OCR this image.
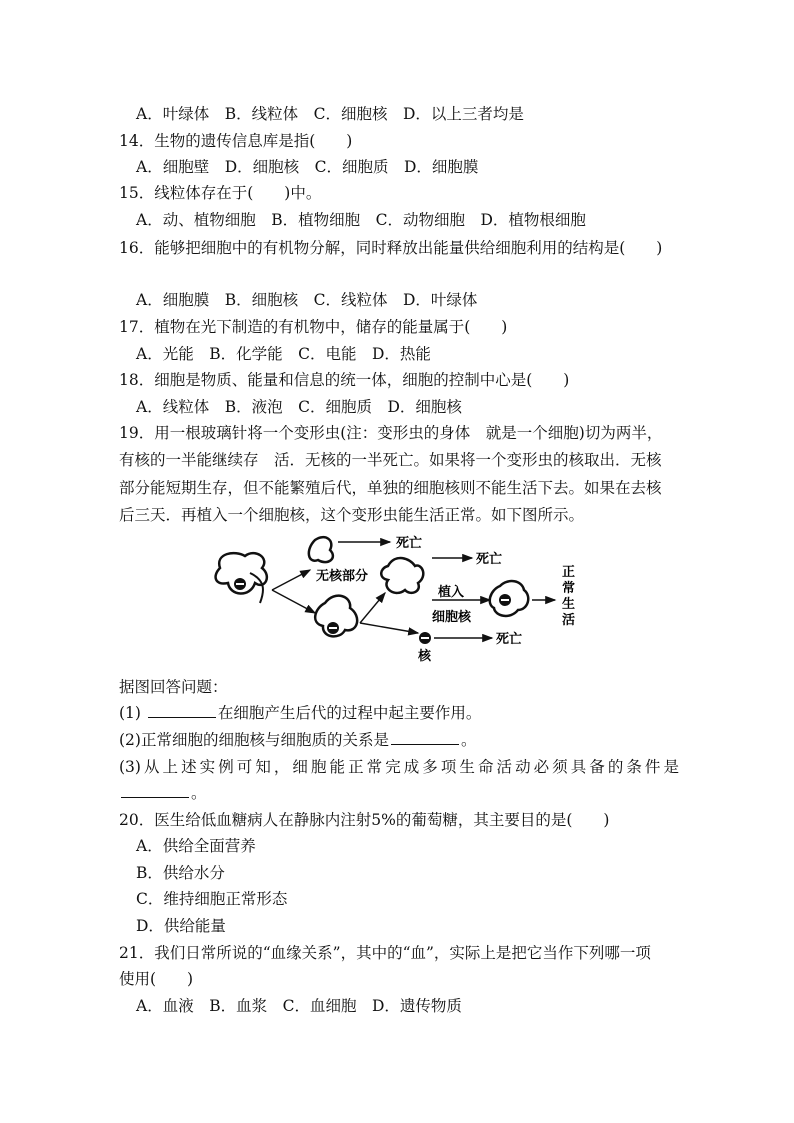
A．叶绿体　B．线粒体　C．细胞核　D．以上三者均是
14．生物的遗传信息库是指(　　)
A．细胞壁　D．细胞核　C．细胞质　D．细胞膜
15．线粒体存在于(　　)中。
A．动、植物细胞　B．植物细胞　C．动物细胞　D．植物根细胞
16．能够把细胞中的有机物分解，同时释放出能量供给细胞利用的结构是(　　)
A．细胞膜　B．细胞核　C．线粒体　D．叶绿体
17．植物在光下制造的有机物中，储存的能量属于(　　)
A．光能　B．化学能　C．电能　D．热能
18．细胞是物质、能量和信息的统一体，细胞的控制中心是(　　)
A．线粒体　B．液泡　C．细胞质　D．细胞核
19．用一根玻璃针将一个变形虫(注：变形虫的身体　就是一个细胞)切为两半，
有核的一半能继续存　活．无核的一半死亡。如果将一个变形虫的核取出．无核
部分能短期生存，但不能繁殖后代，单独的细胞核则不能生活下去。如果在去核
后三天．再植入一个细胞核，这个变形虫能生活正常。如下图所示。
死亡
死亡
死亡
无核部分
植入
细胞核
核
正
常
生
活
据图回答问题：
(1)	在细胞产生后代的过程中起主要作用。
(2)正常细胞的细胞核与细胞质的关系是	。
(3)从上述实例可知，细胞能正常完成多项生命活动必须具备的条件是
。
20．医生给低血糖病人在静脉内注射5%的葡萄糖，其主要目的是(　　)
A．供给全面营养
B．供给水分
C．维持细胞正常形态
D．供给能量
21．我们日常所说的“血缘关系”，其中的“血”，实际上是把它当作下列哪一项
使用(　　)
A．血液　B．血浆　C．血细胞　D．遗传物质
